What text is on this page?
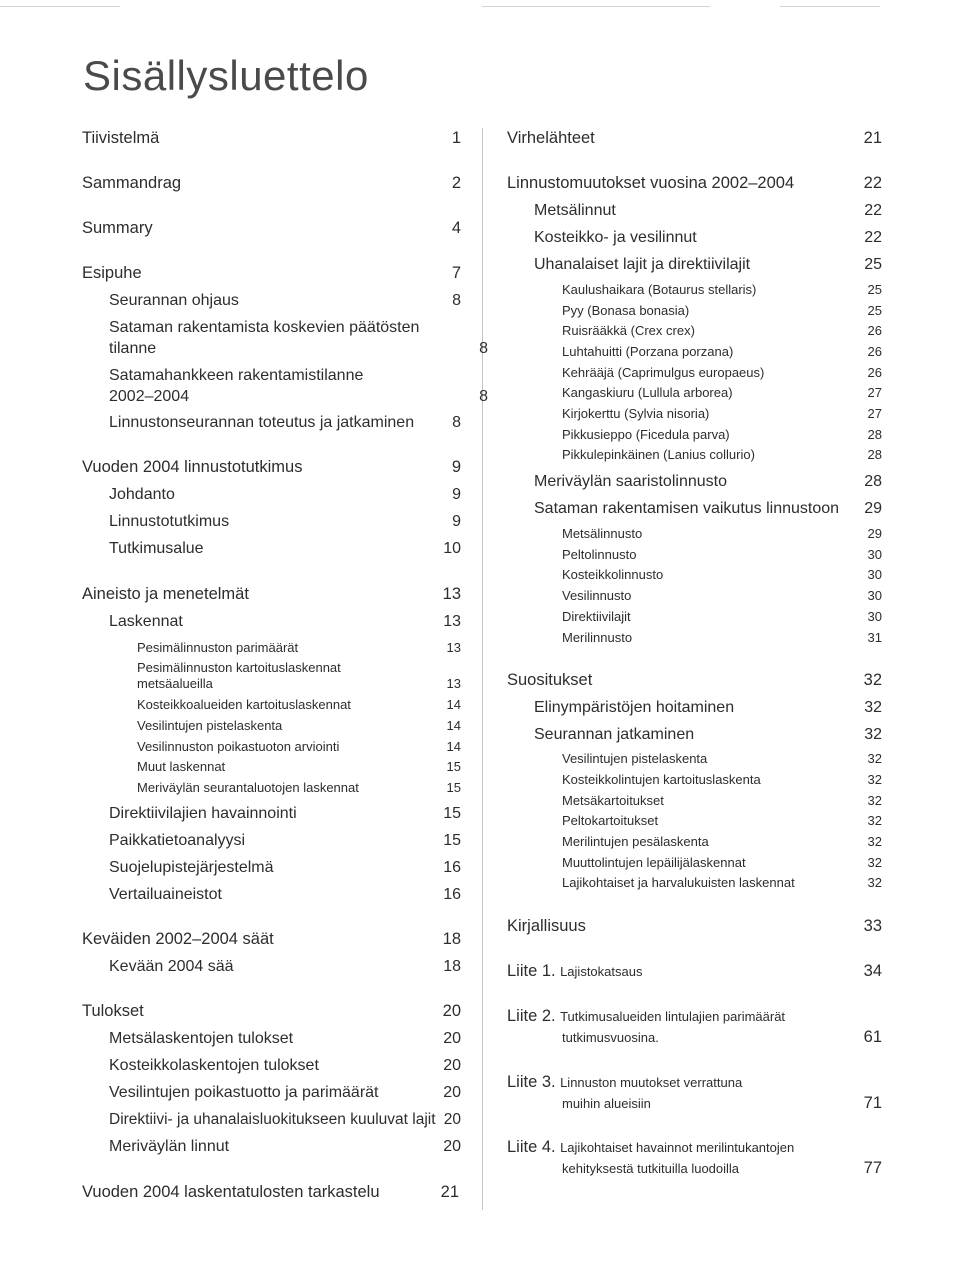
Sisällysluettelo
Tiivistelmä	1
Sammandrag	2
Summary	4
Esipuhe	7
Seurannan ohjaus	8
Sataman rakentamista koskevien päätösten tilanne	8
Satamahankkeen rakentamistilanne 2002–2004	8
Linnustonseurannan toteutus ja jatkaminen	8
Vuoden 2004 linnustotutkimus	9
Johdanto	9
Linnustotutkimus	9
Tutkimusalue	10
Aineisto ja menetelmät	13
Laskennat	13
Pesimälinnuston parimäärät	13
Pesimälinnuston kartoituslaskennat metsäalueilla	13
Kosteikkoalueiden kartoituslaskennat	14
Vesilintujen pistelaskenta	14
Vesilinnuston poikastuoton arviointi	14
Muut laskennat	15
Meriväylän seurantaluotojen laskennat	15
Direktiivilajien havainnointi	15
Paikkatietoanalyysi	15
Suojelupistejärjestelmä	16
Vertailuaineistot	16
Keväiden 2002–2004 säät	18
Kevään 2004 sää	18
Tulokset	20
Metsälaskentojen tulokset	20
Kosteikkolaskentojen tulokset	20
Vesilintujen poikastuotto ja parimäärät	20
Direktiivi- ja uhanalaisluokitukseen kuuluvat lajit 20
Meriväylän linnut	20
Vuoden 2004 laskentatulosten tarkastelu	21
Virhelähteet	21
Linnustomuutokset vuosina 2002–2004	22
Metsälinnut	22
Kosteikko- ja vesilinnut	22
Uhanalaiset lajit ja direktiivilajit	25
Kaulushaikara (Botaurus stellaris)	25
Pyy (Bonasa bonasia)	25
Ruisrääkkä (Crex crex)	26
Luhtahuitti (Porzana porzana)	26
Kehrääjä (Caprimulgus europaeus)	26
Kangaskiuru (Lullula arborea)	27
Kirjokerttu (Sylvia nisoria)	27
Pikkusieppo (Ficedula parva)	28
Pikkulepinkäinen (Lanius collurio)	28
Meriväylän saaristolinnusto	28
Sataman rakentamisen vaikutus linnustoon	29
Metsälinnusto	29
Peltolinnusto	30
Kosteikkolinnusto	30
Vesilinnusto	30
Direktiivilajit	30
Merilinnusto	31
Suositukset	32
Elinympäristöjen hoitaminen	32
Seurannan jatkaminen	32
Vesilintujen pistelaskenta	32
Kosteikkolintujen kartoituslaskenta	32
Metsäkartoitukset	32
Peltokartoitukset	32
Merilintujen pesälaskenta	32
Muuttolintujen lepäilijälaskennat	32
Lajikohtaiset ja harvalukuisten laskennat	32
Kirjallisuus	33
Liite 1. Lajistokatsaus	34
Liite 2. Tutkimusalueiden lintulajien parimäärät
tutkimusvuosina.	61
Liite 3. Linnuston muutokset verrattuna
muihin alueisiin	71
Liite 4. Lajikohtaiset havainnot merilintukantojen
kehityksestä tutkituilla luodoilla	77
